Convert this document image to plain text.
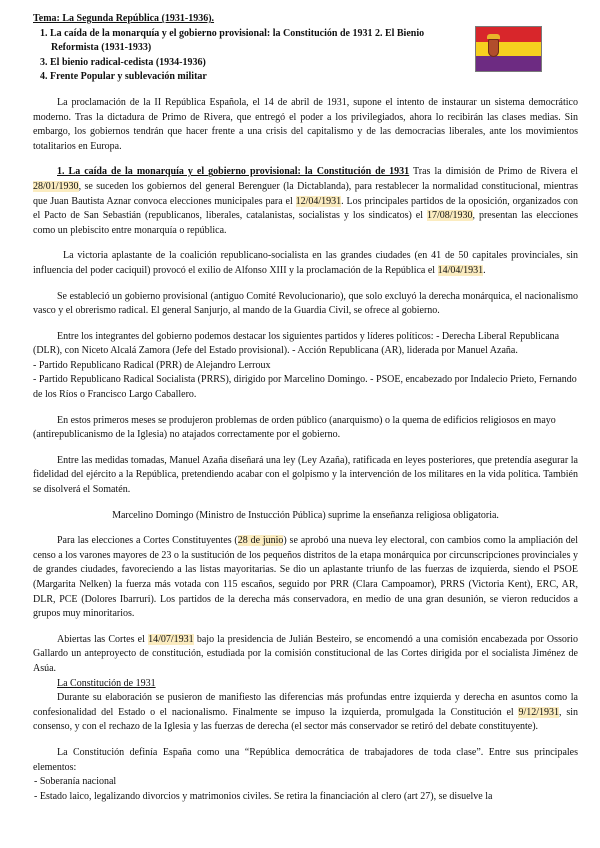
Tema: La Segunda República (1931-1936).
1. La caída de la monarquía y el gobierno provisional: la Constitución de 1931 2. El Bienio Reformista (1931-1933)
3. El bienio radical-cedista (1934-1936)
4. Frente Popular y sublevación militar

La proclamación de la II República Española, el 14 de abril de 1931, supone el intento de instaurar un sistema democrático moderno. Tras la dictadura de Primo de Rivera, que entregó el poder a los privilegiados, ahora lo recibirán las clases medias. Sin embargo, los gobiernos tendrán que hacer frente a una crisis del capitalismo y de las democracias liberales, ante los movimientos totalitarios en Europa.

1. La caída de la monarquía y el gobierno provisional: la Constitución de 1931 Tras la dimisión de Primo de Rivera el 28/01/1930, se suceden los gobiernos del general Berenguer (la Dictablanda), para restablecer la normalidad constitucional, mientras que Juan Bautista Aznar convoca elecciones municipales para el 12/04/1931. Los principales partidos de la oposición, organizados con el Pacto de San Sebastián (republicanos, liberales, catalanistas, socialistas y los sindicatos) el 17/08/1930, presentan las elecciones como un plebiscito entre monarquía o república.

La victoria aplastante de la coalición republicano-socialista en las grandes ciudades (en 41 de 50 capitales provinciales, sin influencia del poder caciquil) provocó el exilio de Alfonso XIII y la proclamación de la República el 14/04/1931.

Se estableció un gobierno provisional (antiguo Comité Revolucionario), que solo excluyó la derecha monárquica, el nacionalismo vasco y el obrerismo radical. El general Sanjurjo, al mando de la Guardia Civil, se ofrece al gobierno.

Entre los integrantes del gobierno podemos destacar los siguientes partidos y líderes políticos: - Derecha Liberal Republicana (DLR), con Niceto Alcalá Zamora (Jefe del Estado provisional). - Acción Republicana (AR), liderada por Manuel Azaña.

- Partido Republicano Radical (PRR) de Alejandro Lerroux

- Partido Republicano Radical Socialista (PRRS), dirigido por Marcelino Domingo. - PSOE, encabezado por Indalecio Prieto, Fernando de los Ríos o Francisco Largo Caballero.

En estos primeros meses se produjeron problemas de orden público (anarquismo) o la quema de edificios religiosos en mayo (antirepublicanismo de la Iglesia) no atajados correctamente por el gobierno.

Entre las medidas tomadas, Manuel Azaña diseñará una ley (Ley Azaña), ratificada en leyes posteriores, que pretendía asegurar la fidelidad del ejército a la República, pretendiendo acabar con el golpismo y la intervención de los militares en la vida política. También se disolverá el Somatén.

Marcelino Domingo (Ministro de Instucción Pública) suprime la enseñanza religiosa obligatoria.

Para las elecciones a Cortes Constituyentes (28 de junio) se aprobó una nueva ley electoral, con cambios como la ampliación del censo a los varones mayores de 23 o la sustitución de los pequeños distritos de la etapa monárquica por circunscripciones provinciales y de grandes ciudades, favoreciendo a las listas mayoritarias. Se dio un aplastante triunfo de las fuerzas de izquierda, siendo el PSOE (Margarita Nelken) la fuerza más votada con 115 escaños, seguido por PRR (Clara Campoamor), PRRS (Victoria Kent), ERC, AR, DLR, PCE (Dolores Ibarruri). Los partidos de la derecha más conservadora, en medio de una gran desunión, se vieron reducidos a grupos muy minoritarios.

Abiertas las Cortes el 14/07/1931 bajo la presidencia de Julián Besteiro, se encomendó a una comisión encabezada por Ossorio Gallardo un anteproyecto de constitución, estudiada por la comisión constitucional de las Cortes dirigida por el socialista Jiménez de Asúa.

La Constitución de 1931

Durante su elaboración se pusieron de manifiesto las diferencias más profundas entre izquierda y derecha en asuntos como la confesionalidad del Estado o el nacionalismo. Finalmente se impuso la izquierda, promulgada la Constitución el 9/12/1931, sin consenso, y con el rechazo de la Iglesia y las fuerzas de derecha (el sector más conservador se retiró del debate constituyente).

La Constitución definía España como una “República democrática de trabajadores de toda clase”. Entre sus principales elementos:

- Soberanía nacional
- Estado laico, legalizando divorcios y matrimonios civiles. Se retira la financiación al clero (art 27), se disuelve la
